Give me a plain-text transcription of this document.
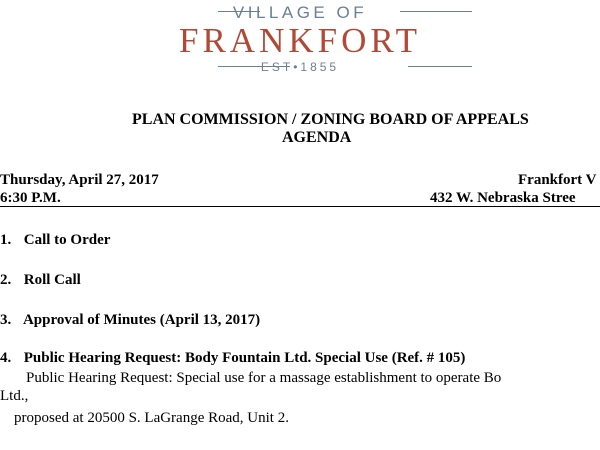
VILLAGE OF
FRANKFORT
EST•1855
PLAN COMMISSION / ZONING BOARD OF APPEALS
AGENDA
Thursday, April 27, 2017
6:30 P.M.
Frankfort V
432 W. Nebraska Stree
1. Call to Order
2. Roll Call
3. Approval of Minutes (April 13, 2017)
4. Public Hearing Request: Body Fountain Ltd. Special Use (Ref. # 105)
Public Hearing Request: Special use for a massage establishment to operate Bo
Ltd.,
proposed at 20500 S. LaGrange Road, Unit 2.
